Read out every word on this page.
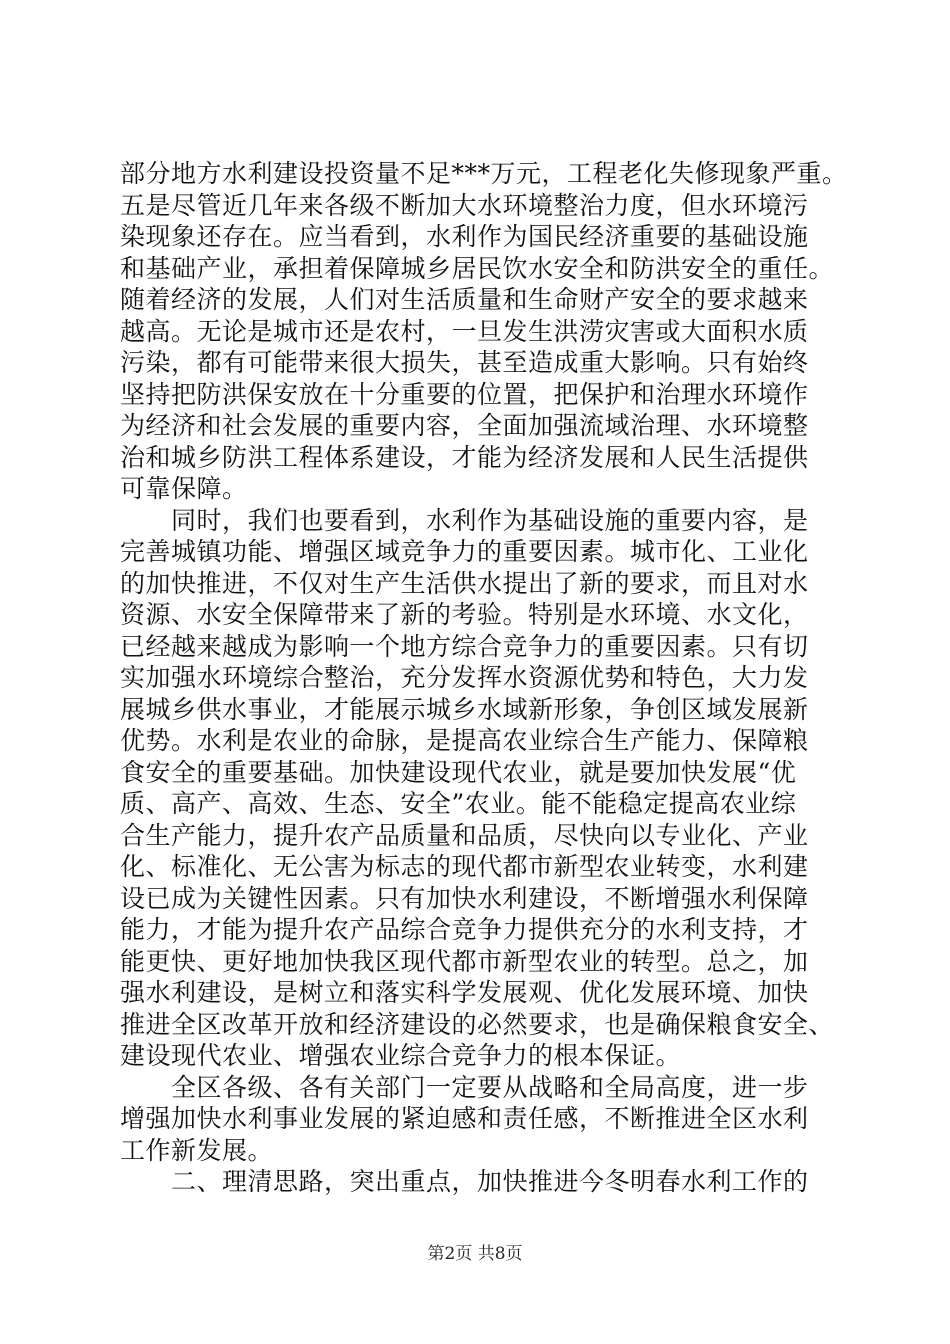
部分地方水利建设投资量不足***万元，工程老化失修现象严重。
五是尽管近几年来各级不断加大水环境整治力度，但水环境污
染现象还存在。应当看到，水利作为国民经济重要的基础设施
和基础产业，承担着保障城乡居民饮水安全和防洪安全的重任。
随着经济的发展，人们对生活质量和生命财产安全的要求越来
越高。无论是城市还是农村，一旦发生洪涝灾害或大面积水质
污染，都有可能带来很大损失，甚至造成重大影响。只有始终
坚持把防洪保安放在十分重要的位置，把保护和治理水环境作
为经济和社会发展的重要内容，全面加强流域治理、水环境整
治和城乡防洪工程体系建设，才能为经济发展和人民生活提供
可靠保障。
　　同时，我们也要看到，水利作为基础设施的重要内容，是
完善城镇功能、增强区域竞争力的重要因素。城市化、工业化
的加快推进，不仅对生产生活供水提出了新的要求，而且对水
资源、水安全保障带来了新的考验。特别是水环境、水文化，
已经越来越成为影响一个地方综合竞争力的重要因素。只有切
实加强水环境综合整治，充分发挥水资源优势和特色，大力发
展城乡供水事业，才能展示城乡水域新形象，争创区域发展新
优势。水利是农业的命脉，是提高农业综合生产能力、保障粮
食安全的重要基础。加快建设现代农业，就是要加快发展“优
质、高产、高效、生态、安全”农业。能不能稳定提高农业综
合生产能力，提升农产品质量和品质，尽快向以专业化、产业
化、标准化、无公害为标志的现代都市新型农业转变，水利建
设已成为关键性因素。只有加快水利建设，不断增强水利保障
能力，才能为提升农产品综合竞争力提供充分的水利支持，才
能更快、更好地加快我区现代都市新型农业的转型。总之，加
强水利建设，是树立和落实科学发展观、优化发展环境、加快
推进全区改革开放和经济建设的必然要求，也是确保粮食安全、
建设现代农业、增强农业综合竞争力的根本保证。
　　全区各级、各有关部门一定要从战略和全局高度，进一步
增强加快水利事业发展的紧迫感和责任感，不断推进全区水利
工作新发展。
　　二、理清思路，突出重点，加快推进今冬明春水利工作的
第2页 共8页
